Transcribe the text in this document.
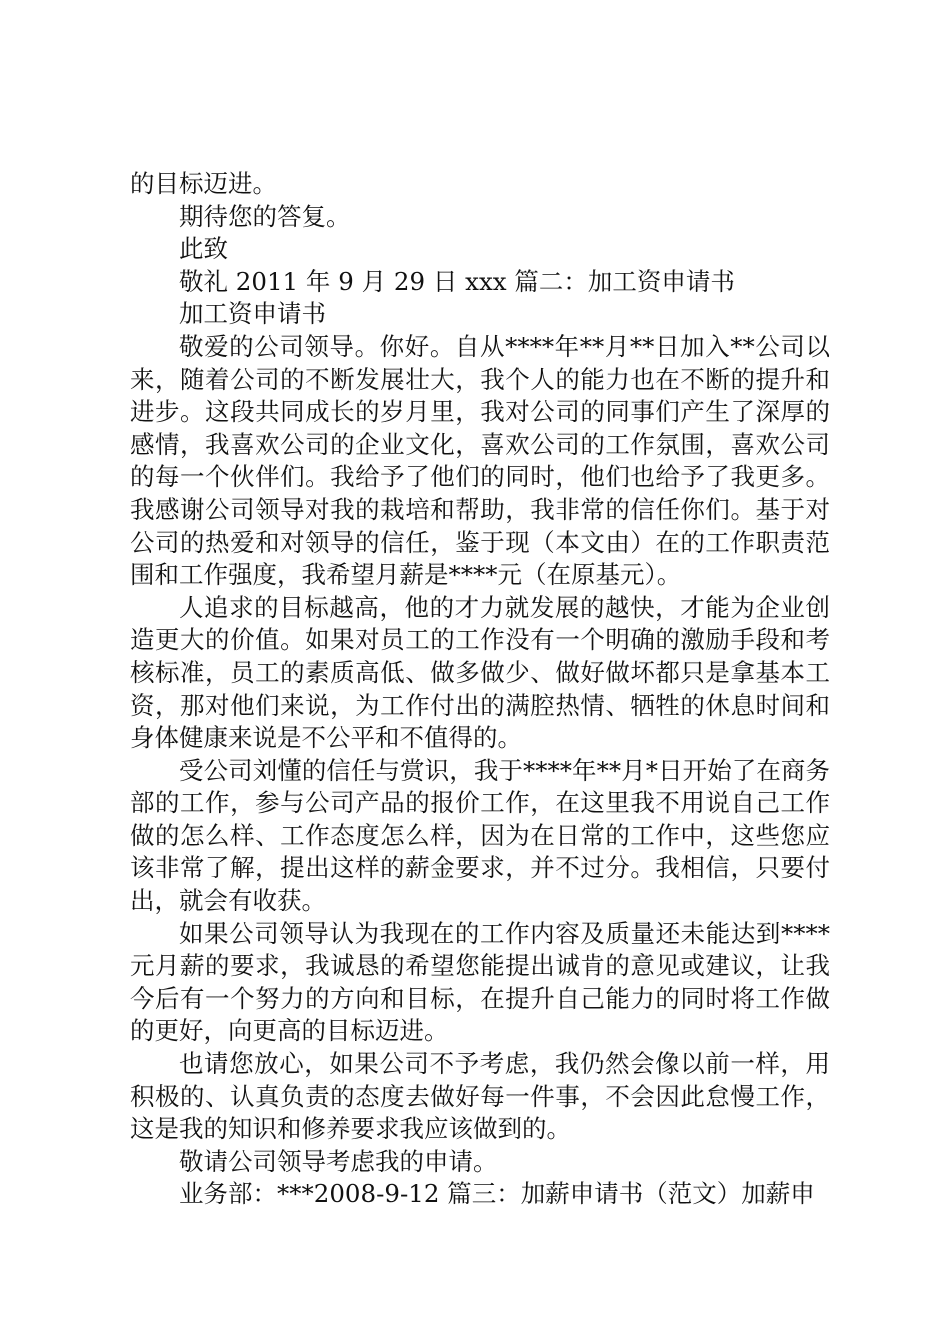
的目标迈进。

期待您的答复。

此致

敬礼 2011 年 9 月 29 日 xxx 篇二：加工资申请书

加工资申请书

敬爱的公司领导。你好。自从****年**月**日加入**公司以来，随着公司的不断发展壮大，我个人的能力也在不断的提升和进步。这段共同成长的岁月里，我对公司的同事们产生了深厚的感情，我喜欢公司的企业文化，喜欢公司的工作氛围，喜欢公司的每一个伙伴们。我给予了他们的同时，他们也给予了我更多。我感谢公司领导对我的栽培和帮助，我非常的信任你们。基于对公司的热爱和对领导的信任，鉴于现（本文由）在的工作职责范围和工作强度，我希望月薪是****元（在原基元）。

人追求的目标越高，他的才力就发展的越快，才能为企业创造更大的价值。如果对员工的工作没有一个明确的激励手段和考核标准，员工的素质高低、做多做少、做好做坏都只是拿基本工资，那对他们来说，为工作付出的满腔热情、牺牲的休息时间和身体健康来说是不公平和不值得的。

受公司刘懂的信任与赏识，我于****年**月*日开始了在商务部的工作，参与公司产品的报价工作，在这里我不用说自己工作做的怎么样、工作态度怎么样，因为在日常的工作中，这些您应该非常了解，提出这样的薪金要求，并不过分。我相信，只要付出，就会有收获。

如果公司领导认为我现在的工作内容及质量还未能达到****元月薪的要求，我诚恳的希望您能提出诚肯的意见或建议，让我今后有一个努力的方向和目标，在提升自己能力的同时将工作做的更好，向更高的目标迈进。

也请您放心，如果公司不予考虑，我仍然会像以前一样，用积极的、认真负责的态度去做好每一件事，不会因此怠慢工作，这是我的知识和修养要求我应该做到的。

敬请公司领导考虑我的申请。

业务部：***2008-9-12 篇三：加薪申请书（范文）加薪申
